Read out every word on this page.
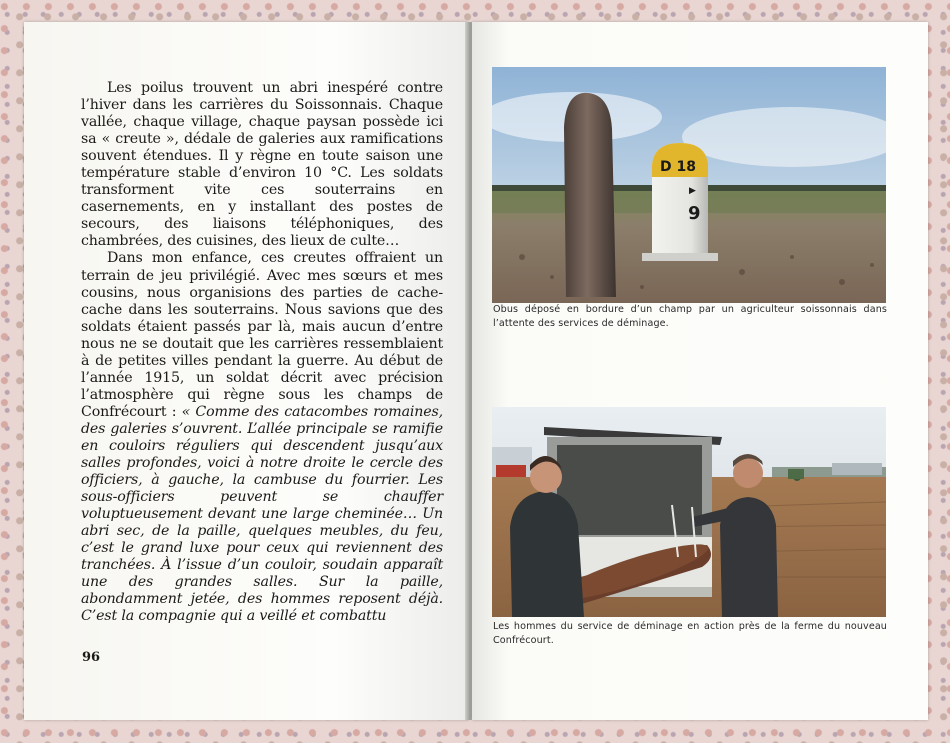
Les poilus trouvent un abri inespéré contre l’hiver dans les carrières du Soissonnais. Chaque vallée, chaque village, chaque paysan possède ici sa « creute », dédale de galeries aux ramifications souvent étendues. Il y règne en toute saison une température stable d’environ 10 °C. Les soldats transforment vite ces souterrains en casernements, en y installant des postes de secours, des liaisons téléphoniques, des chambrées, des cuisines, des lieux de culte…

Dans mon enfance, ces creutes offraient un terrain de jeu privilégié. Avec mes sœurs et mes cousins, nous organisions des parties de cache-cache dans les souterrains. Nous savions que des soldats étaient passés par là, mais aucun d’entre nous ne se doutait que les carrières ressemblaient à de petites villes pendant la guerre. Au début de l’année 1915, un soldat décrit avec précision l’atmosphère qui règne sous les champs de Confrécourt : « Comme des catacombes romaines, des galeries s’ouvrent. L’allée principale se ramifie en couloirs réguliers qui descendent jusqu’aux salles profondes, voici à notre droite le cercle des officiers, à gauche, la cambuse du fourrier. Les sous-officiers peuvent se chauffer voluptueusement devant une large cheminée… Un abri sec, de la paille, quelques meubles, du feu, c’est le grand luxe pour ceux qui reviennent des tranchées. À l’issue d’un couloir, soudain apparaît une des grandes salles. Sur la paille, abondamment jetée, des hommes reposent déjà. C’est la compagnie qui a veillé et combattu

96
D 18
▶
9
Obus déposé en bordure d’un champ par un agriculteur soissonnais dans l’attente des services de déminage.
Les hommes du service de déminage en action près de la ferme du nouveau Confrécourt.
